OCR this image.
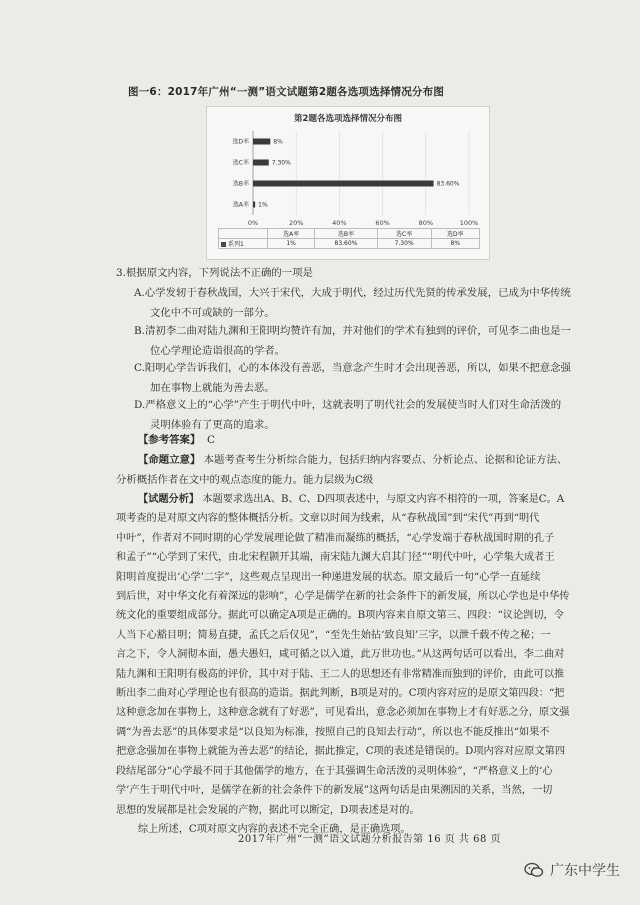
图一6：2017年广州“一测”语文试题第2题各选项选择情况分布图
第2题各选项选择情况分布图
0%	20%	40%	60%	80%	100%
选A率 1%
选B率	83.60%
选C率	7.30%
选D率	8%
	选A率	选B率	选C率	选D率
系列1	1%	83.60%	7.30%	8%
3.根据原文内容，下列说法不正确的一项是
A.心学发轫于春秋战国，大兴于宋代，大成于明代，经过历代先贤的传承发展，已成为中华传统
文化中不可或缺的一部分。
B.清初李二曲对陆九渊和王阳明均赞许有加，并对他们的学术有独到的评价，可见李二曲也是一
位心学理论造诣很高的学者。
C.阳明心学告诉我们，心的本体没有善恶，当意念产生时才会出现善恶，所以，如果不把意念强
加在事物上就能为善去恶。
D.严格意义上的“心学”产生于明代中叶，这就表明了明代社会的发展使当时人们对生命活泼的
灵明体验有了更高的追求。
【参考答案】 C
【命题立意】 本题考查考生分析综合能力，包括归纳内容要点、分析论点、论据和论证方法、
分析概括作者在文中的观点态度的能力。能力层级为C级
【试题分析】 本题要求选出A、B、C、D四项表述中，与原文内容不相符的一项，答案是C。A
项考查的是对原文内容的整体概括分析。文章以时间为线索，从“春秋战国”到“宋代”再到“明代
中叶”，作者对不同时期的心学发展理论做了精准而凝练的概括，“心学发端于春秋战国时期的孔子
和孟子”“心学到了宋代，由北宋程颢开其端，南宋陆九渊大启其门径”“明代中叶，心学集大成者王
阳明首度提出‘心学’二字”，这些观点呈现出一种递进发展的状态。原文最后一句“心学一直延续
到后世，对中华文化有着深远的影响”，心学是儒学在新的社会条件下的新发展，所以心学也是中华传
统文化的重要组成部分。据此可以确定A项是正确的。B项内容来自原文第三、四段：“议论剀切，令
人当下心豁目明；简易直捷，孟氏之后仅见”，“至先生始拈‘致良知’三字，以泄千载不传之秘；一
言之下，令人洞彻本面，愚夫愚妇，咸可循之以入道，此万世功也。”从这两句话可以看出，李二曲对
陆九渊和王阳明有极高的评价，其中对于陆、王二人的思想还有非常精准而独到的评价，由此可以推
断出李二曲对心学理论也有很高的造诣。据此判断，B项是对的。C项内容对应的是原文第四段：“把
这种意念加在事物上，这种意念就有了好恶”，可见看出，意念必须加在事物上才有好恶之分，原文强
调“为善去恶”的具体要求是“以良知为标准，按照自己的良知去行动”，所以也不能反推出“如果不
把意念强加在事物上就能为善去恶”的结论，据此推定，C项的表述是错误的。D项内容对应原文第四
段结尾部分“心学最不同于其他儒学的地方，在于其强调生命活泼的灵明体验”，“严格意义上的‘心
学’产生于明代中叶，是儒学在新的社会条件下的新发展”这两句话是由果溯因的关系，当然，一切
思想的发展都是社会发展的产物，据此可以断定，D项表述是对的。
综上所述，C项对原文内容的表述不完全正确，是正确选项。
2017年广州“一测”语文试题分析报告第 16 页 共 68 页
广东中学生
